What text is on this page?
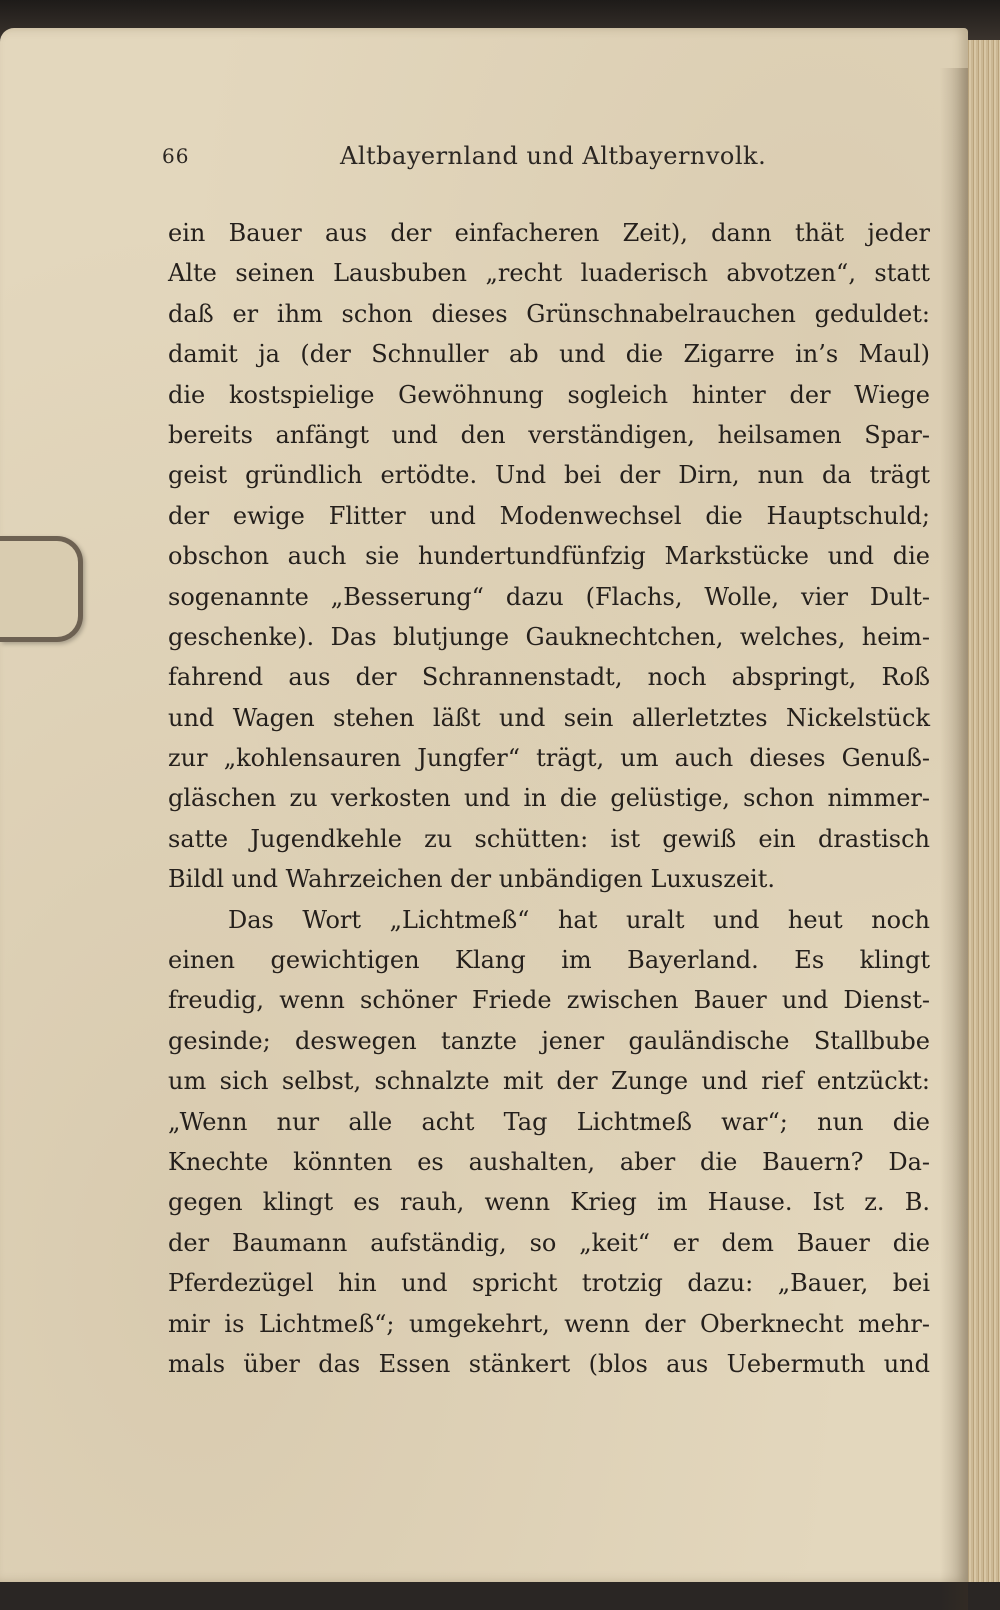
66	Altbayernland und Altbayernvolk.
ein Bauer aus der einfacheren Zeit), dann thät jeder
Alte seinen Lausbuben „recht luaderisch abvotzen“, statt
daß er ihm schon dieses Grünschnabelrauchen geduldet:
damit ja (der Schnuller ab und die Zigarre in’s Maul)
die kostspielige Gewöhnung sogleich hinter der Wiege
bereits anfängt und den verständigen, heilsamen Spar-
geist gründlich ertödte. Und bei der Dirn, nun da trägt
der ewige Flitter und Modenwechsel die Hauptschuld;
obschon auch sie hundertundfünfzig Markstücke und die
sogenannte „Besserung“ dazu (Flachs, Wolle, vier Dult-
geschenke). Das blutjunge Gauknechtchen, welches, heim-
fahrend aus der Schrannenstadt, noch abspringt, Roß
und Wagen stehen läßt und sein allerletztes Nickelstück
zur „kohlensauren Jungfer“ trägt, um auch dieses Genuß-
gläschen zu verkosten und in die gelüstige, schon nimmer-
satte Jugendkehle zu schütten: ist gewiß ein drastisch
Bildl und Wahrzeichen der unbändigen Luxuszeit.
Das Wort „Lichtmeß“ hat uralt und heut noch
einen gewichtigen Klang im Bayerland. Es klingt
freudig, wenn schöner Friede zwischen Bauer und Dienst-
gesinde; deswegen tanzte jener gauländische Stallbube
um sich selbst, schnalzte mit der Zunge und rief entzückt:
„Wenn nur alle acht Tag Lichtmeß war“; nun die
Knechte könnten es aushalten, aber die Bauern? Da-
gegen klingt es rauh, wenn Krieg im Hause. Ist z. B.
der Baumann aufständig, so „keit“ er dem Bauer die
Pferdezügel hin und spricht trotzig dazu: „Bauer, bei
mir is Lichtmeß“; umgekehrt, wenn der Oberknecht mehr-
mals über das Essen stänkert (blos aus Uebermuth und
